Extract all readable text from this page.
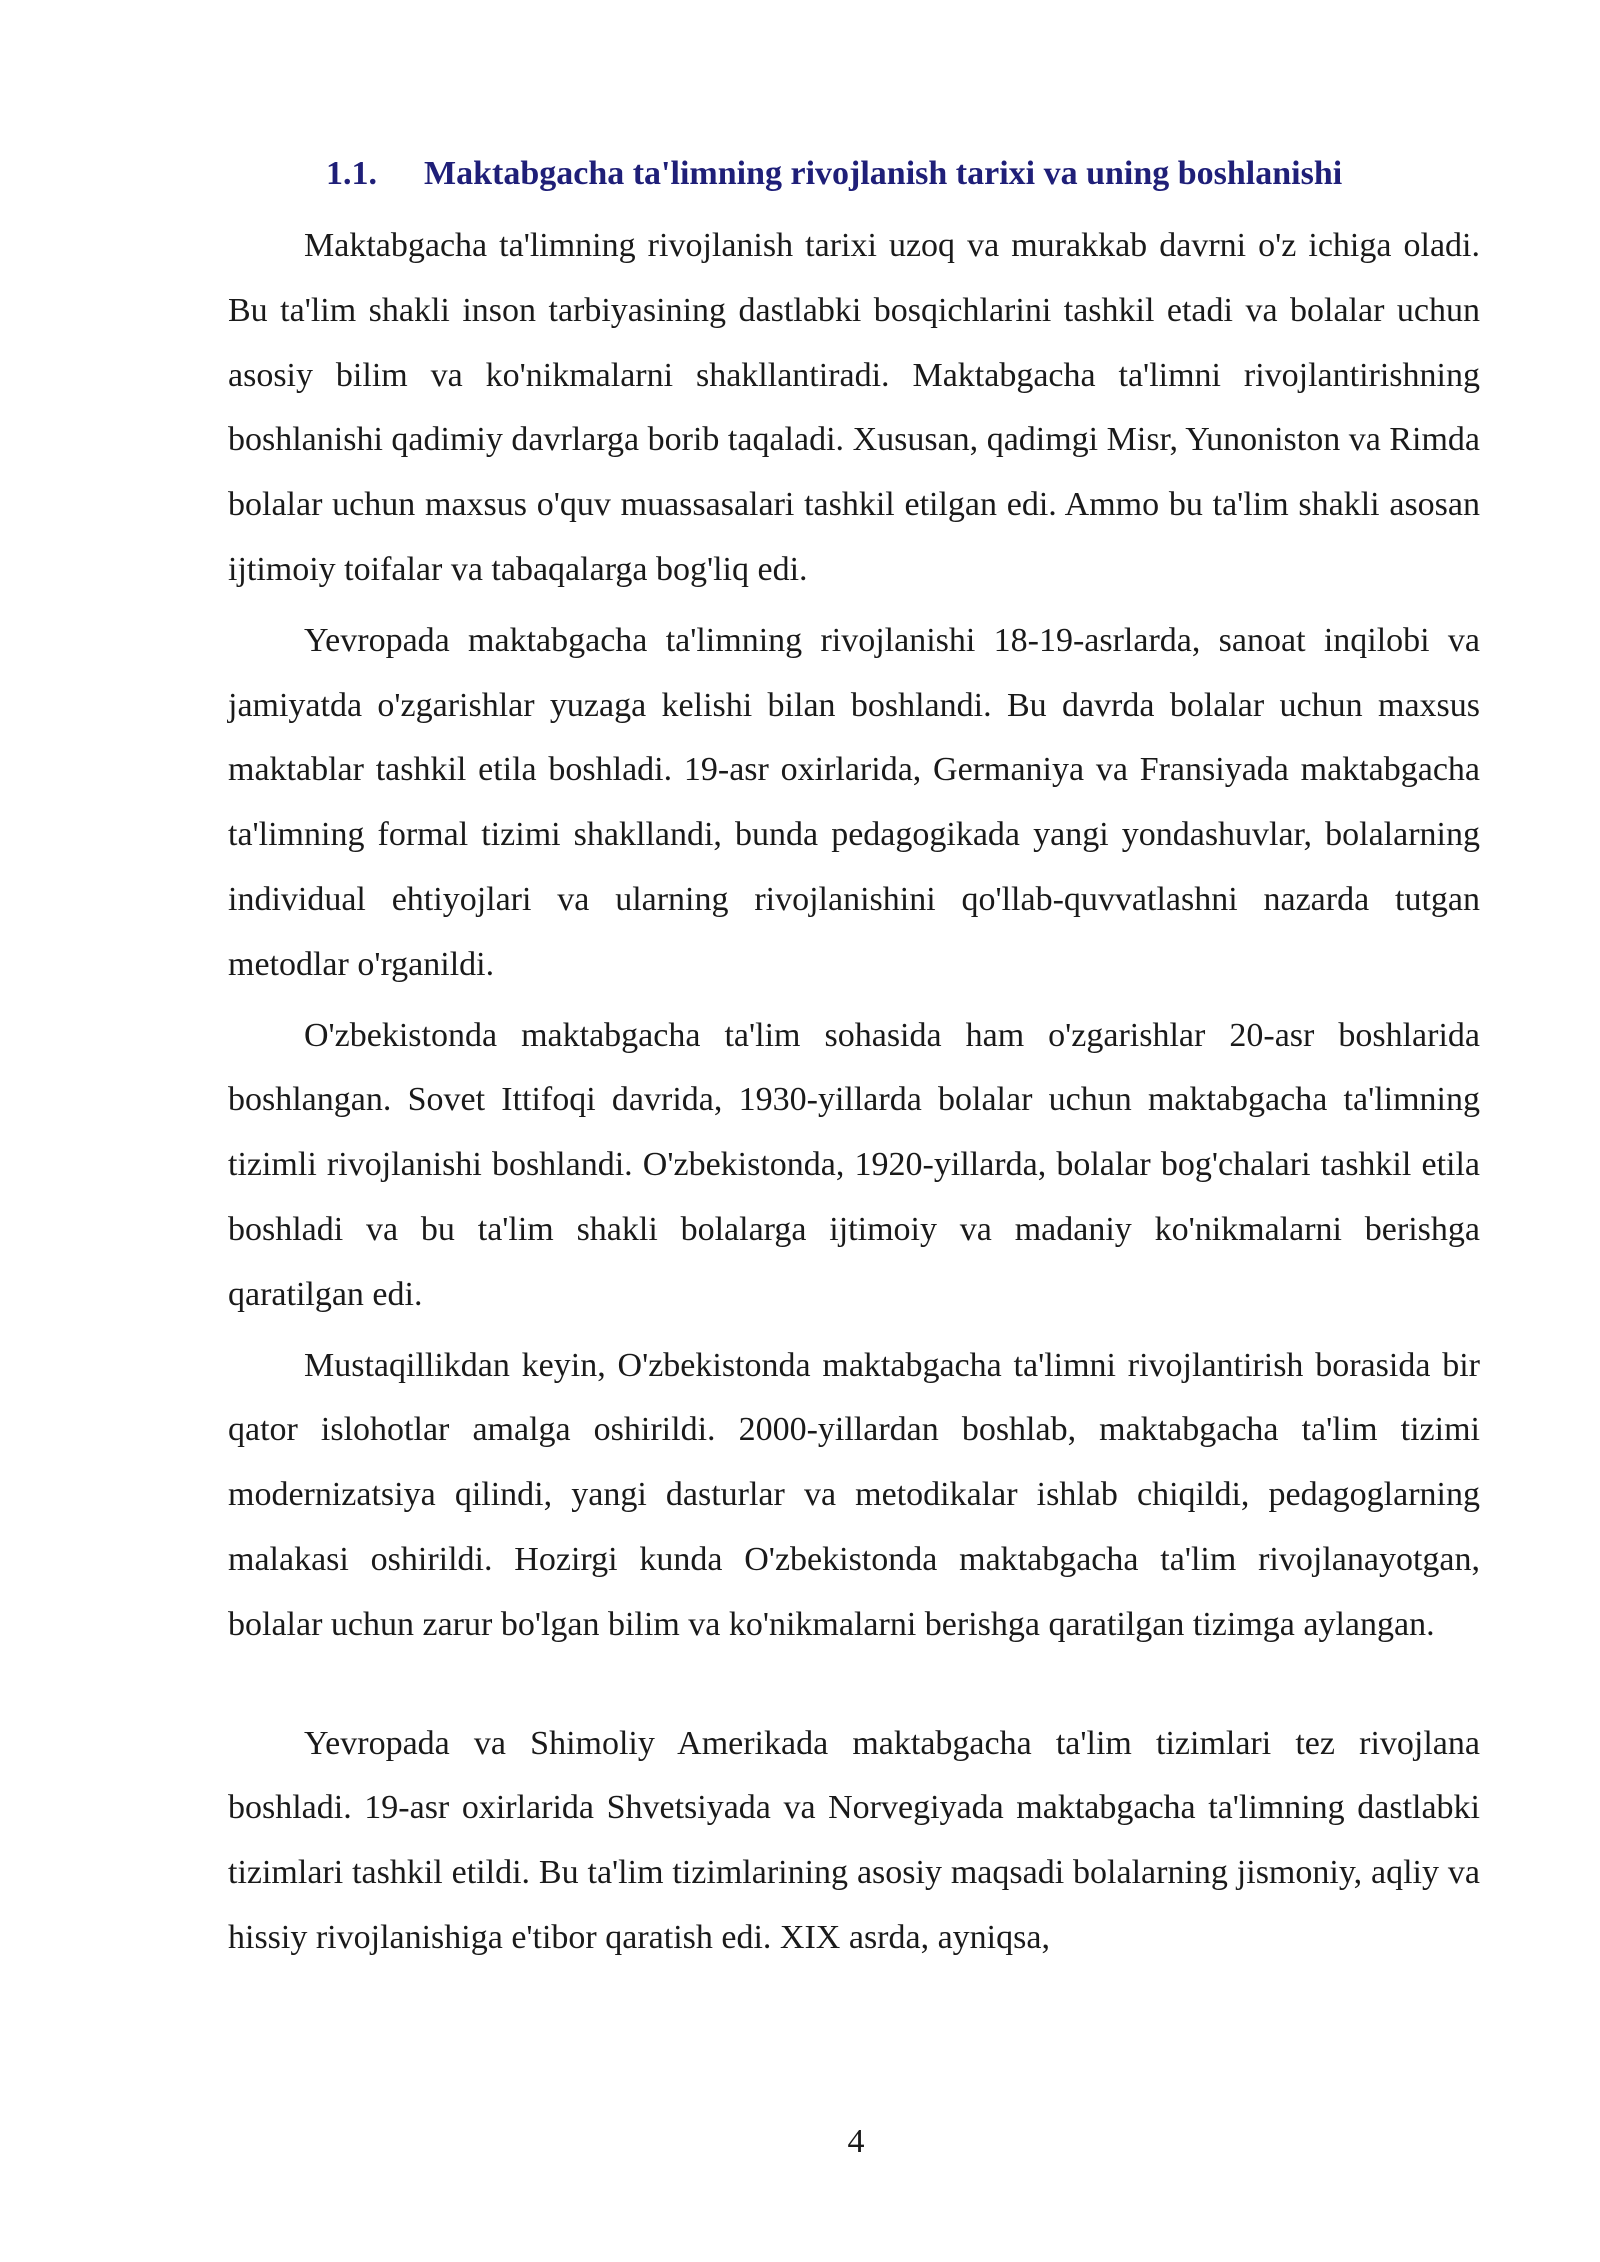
1.1. Maktabgacha ta'limning rivojlanish tarixi va uning boshlanishi

Maktabgacha ta'limning rivojlanish tarixi uzoq va murakkab davrni o'z ichiga oladi. Bu ta'lim shakli inson tarbiyasining dastlabki bosqichlarini tashkil etadi va bolalar uchun asosiy bilim va ko'nikmalarni shakllantiradi. Maktabgacha ta'limni rivojlantirishning boshlanishi qadimiy davrlarga borib taqaladi. Xususan, qadimgi Misr, Yunoniston va Rimda bolalar uchun maxsus o'quv muassasalari tashkil etilgan edi. Ammo bu ta'lim shakli asosan ijtimoiy toifalar va tabaqalarga bog'liq edi.

Yevropada maktabgacha ta'limning rivojlanishi 18-19-asrlarda, sanoat inqilobi va jamiyatda o'zgarishlar yuzaga kelishi bilan boshlandi. Bu davrda bolalar uchun maxsus maktablar tashkil etila boshladi. 19-asr oxirlarida, Germaniya va Fransiyada maktabgacha ta'limning formal tizimi shakllandi, bunda pedagogikada yangi yondashuvlar, bolalarning individual ehtiyojlari va ularning rivojlanishini qo'llab-quvvatlashni nazarda tutgan metodlar o'rganildi.

O'zbekistonda maktabgacha ta'lim sohasida ham o'zgarishlar 20-asr boshlarida boshlangan. Sovet Ittifoqi davrida, 1930-yillarda bolalar uchun maktabgacha ta'limning tizimli rivojlanishi boshlandi. O'zbekistonda, 1920-yillarda, bolalar bog'chalari tashkil etila boshladi va bu ta'lim shakli bolalarga ijtimoiy va madaniy ko'nikmalarni berishga qaratilgan edi.

Mustaqillikdan keyin, O'zbekistonda maktabgacha ta'limni rivojlantirish borasida bir qator islohotlar amalga oshirildi. 2000-yillardan boshlab, maktabgacha ta'lim tizimi modernizatsiya qilindi, yangi dasturlar va metodikalar ishlab chiqildi, pedagoglarning malakasi oshirildi. Hozirgi kunda O'zbekistonda maktabgacha ta'lim rivojlanayotgan, bolalar uchun zarur bo'lgan bilim va ko'nikmalarni berishga qaratilgan tizimga aylangan.

Yevropada va Shimoliy Amerikada maktabgacha ta'lim tizimlari tez rivojlana boshladi. 19-asr oxirlarida Shvetsiyada va Norvegiyada maktabgacha ta'limning dastlabki tizimlari tashkil etildi. Bu ta'lim tizimlarining asosiy maqsadi bolalarning jismoniy, aqliy va hissiy rivojlanishiga e'tibor qaratish edi. XIX asrda, ayniqsa,

4
